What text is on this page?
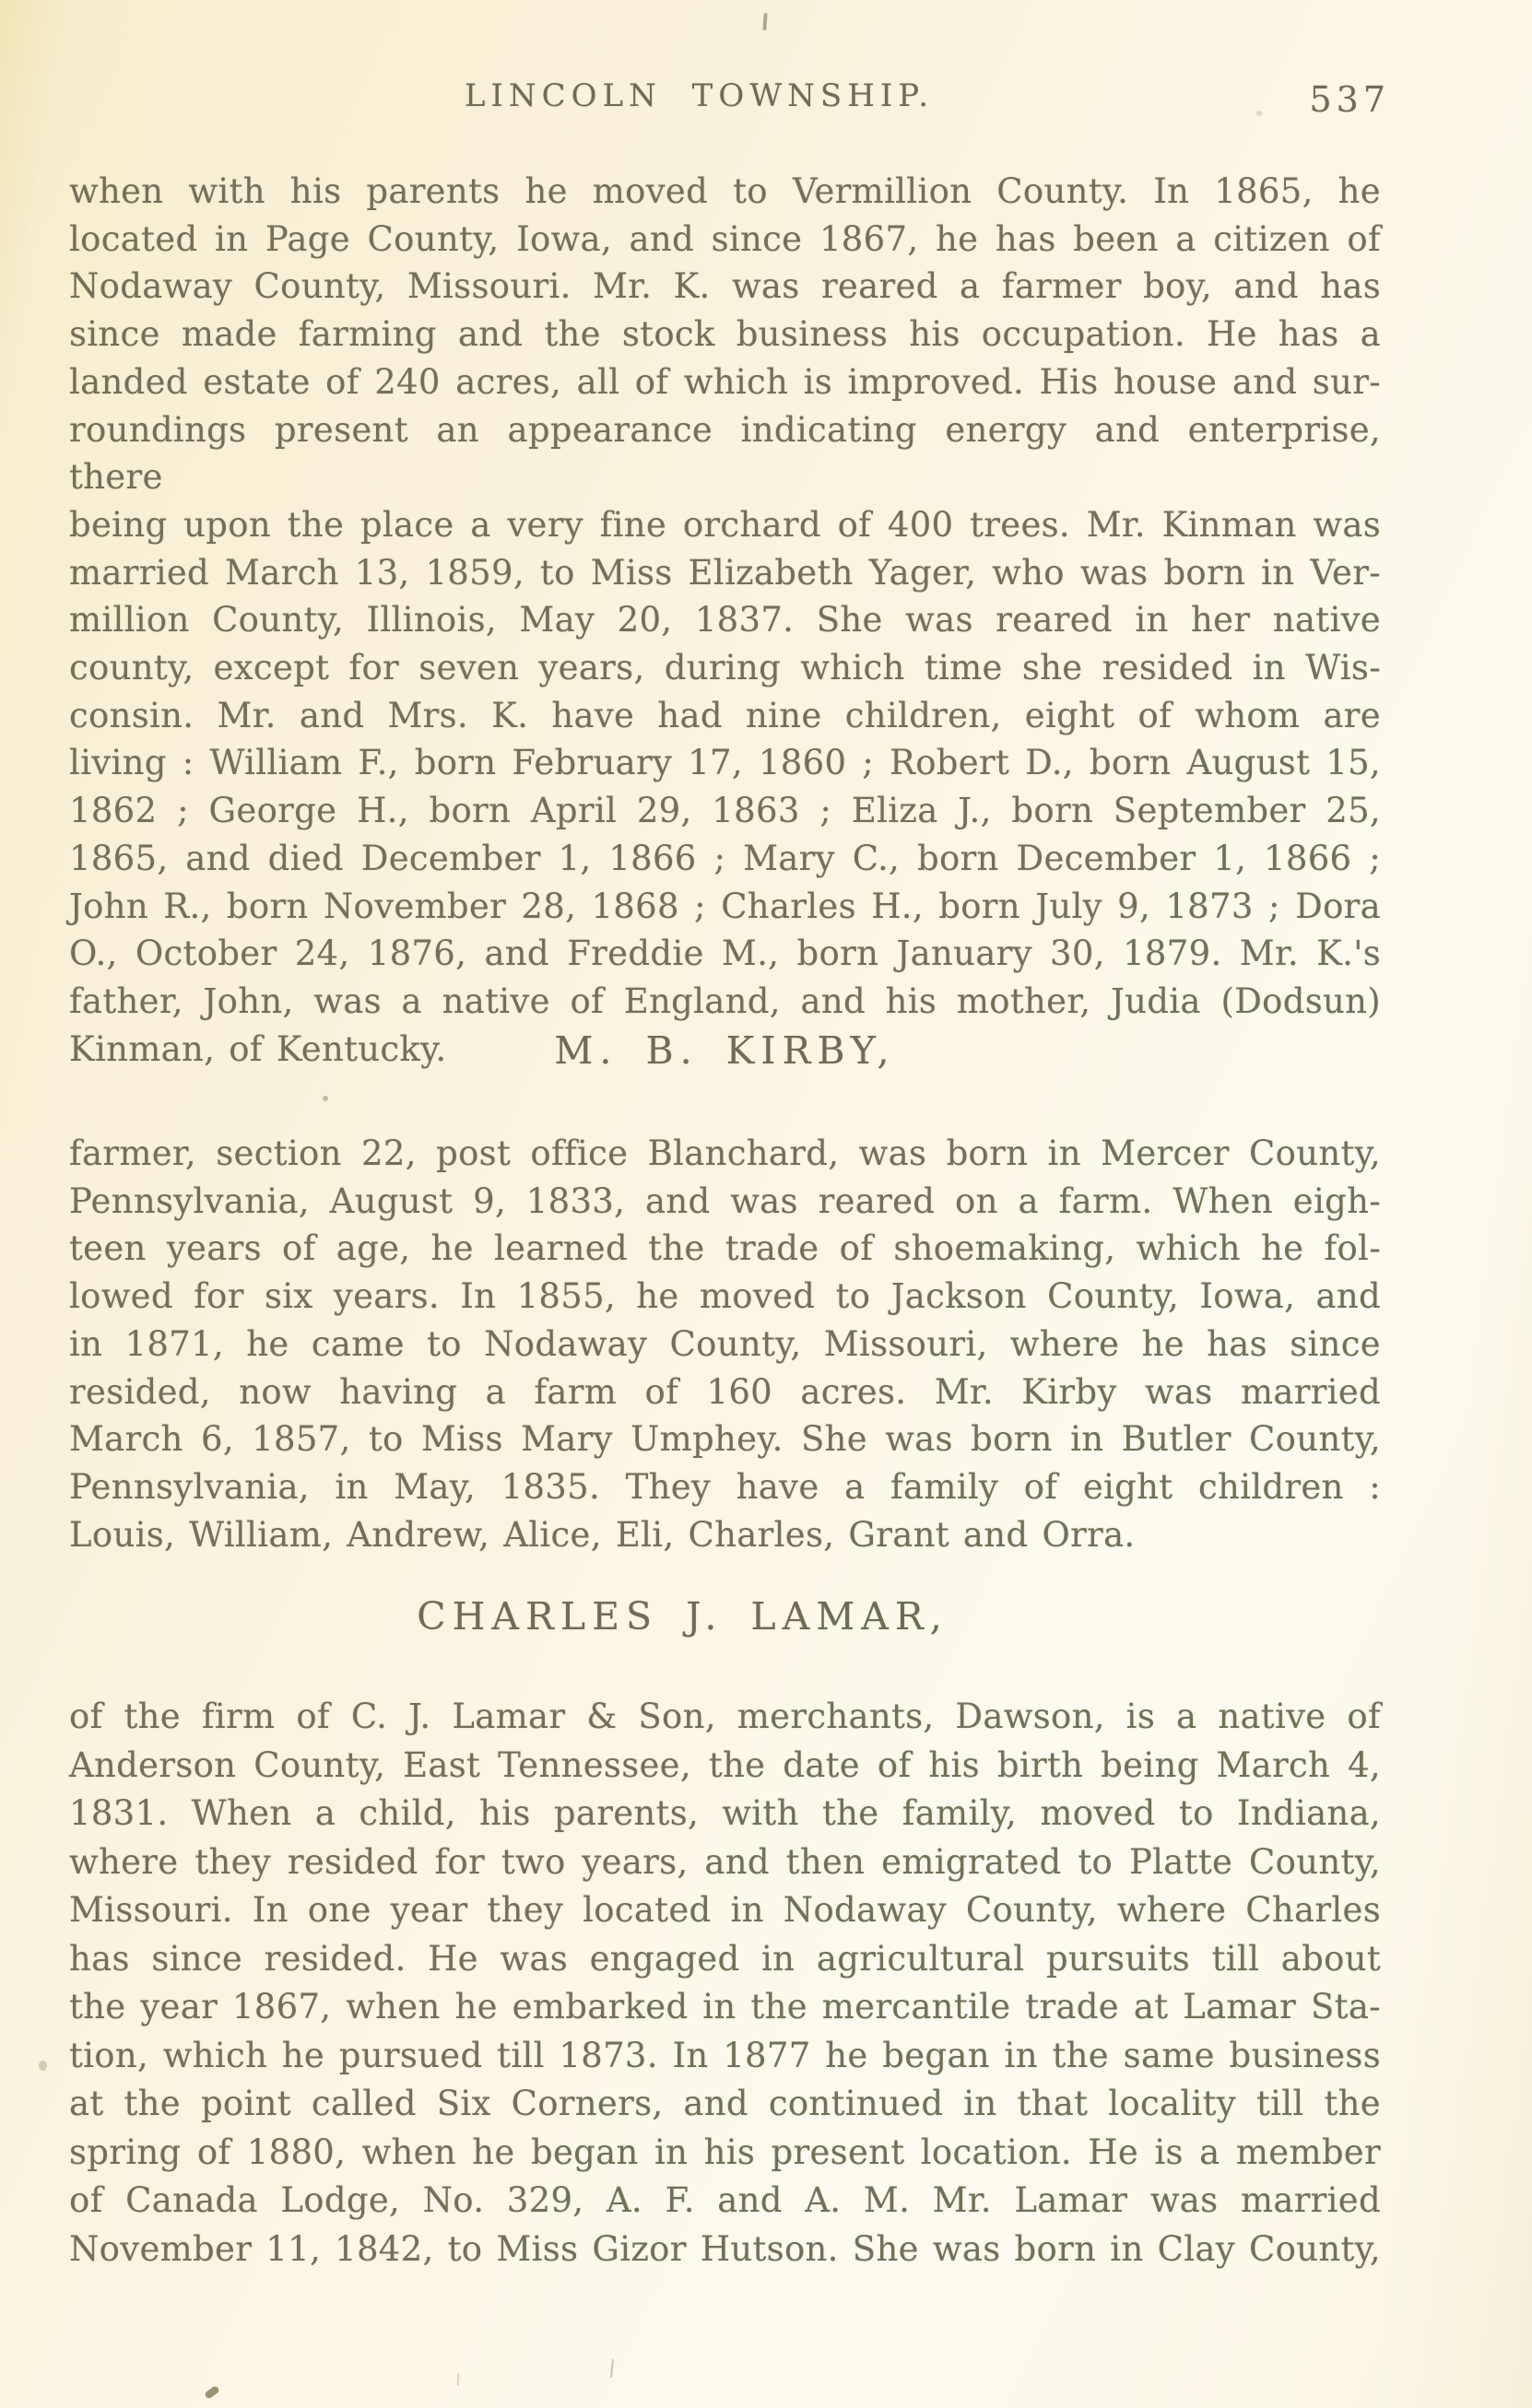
LINCOLN TOWNSHIP.	537
when with his parents he moved to Vermillion County. In 1865, he
located in Page County, Iowa, and since 1867, he has been a citizen of
Nodaway County, Missouri. Mr. K. was reared a farmer boy, and has
since made farming and the stock business his occupation. He has a
landed estate of 240 acres, all of which is improved. His house and sur-
roundings present an appearance indicating energy and enterprise, there
being upon the place a very fine orchard of 400 trees. Mr. Kinman was
married March 13, 1859, to Miss Elizabeth Yager, who was born in Ver-
million County, Illinois, May 20, 1837. She was reared in her native
county, except for seven years, during which time she resided in Wis-
consin. Mr. and Mrs. K. have had nine children, eight of whom are
living : William F., born February 17, 1860 ; Robert D., born August 15,
1862 ; George H., born April 29, 1863 ; Eliza J., born September 25,
1865, and died December 1, 1866 ; Mary C., born December 1, 1866 ;
John R., born November 28, 1868 ; Charles H., born July 9, 1873 ; Dora
O., October 24, 1876, and Freddie M., born January 30, 1879. Mr. K.'s
father, John, was a native of England, and his mother, Judia (Dodsun)
Kinman, of Kentucky.	M. B. KIRBY,
farmer, section 22, post office Blanchard, was born in Mercer County,
Pennsylvania, August 9, 1833, and was reared on a farm. When eigh-
teen years of age, he learned the trade of shoemaking, which he fol-
lowed for six years. In 1855, he moved to Jackson County, Iowa, and
in 1871, he came to Nodaway County, Missouri, where he has since
resided, now having a farm of 160 acres. Mr. Kirby was married
March 6, 1857, to Miss Mary Umphey. She was born in Butler County,
Pennsylvania, in May, 1835. They have a family of eight children :
Louis, William, Andrew, Alice, Eli, Charles, Grant and Orra.
CHARLES J. LAMAR,
of the firm of C. J. Lamar & Son, merchants, Dawson, is a native of
Anderson County, East Tennessee, the date of his birth being March 4,
1831. When a child, his parents, with the family, moved to Indiana,
where they resided for two years, and then emigrated to Platte County,
Missouri. In one year they located in Nodaway County, where Charles
has since resided. He was engaged in agricultural pursuits till about
the year 1867, when he embarked in the mercantile trade at Lamar Sta-
tion, which he pursued till 1873. In 1877 he began in the same business
at the point called Six Corners, and continued in that locality till the
spring of 1880, when he began in his present location. He is a member
of Canada Lodge, No. 329, A. F. and A. M. Mr. Lamar was married
November 11, 1842, to Miss Gizor Hutson. She was born in Clay County,
